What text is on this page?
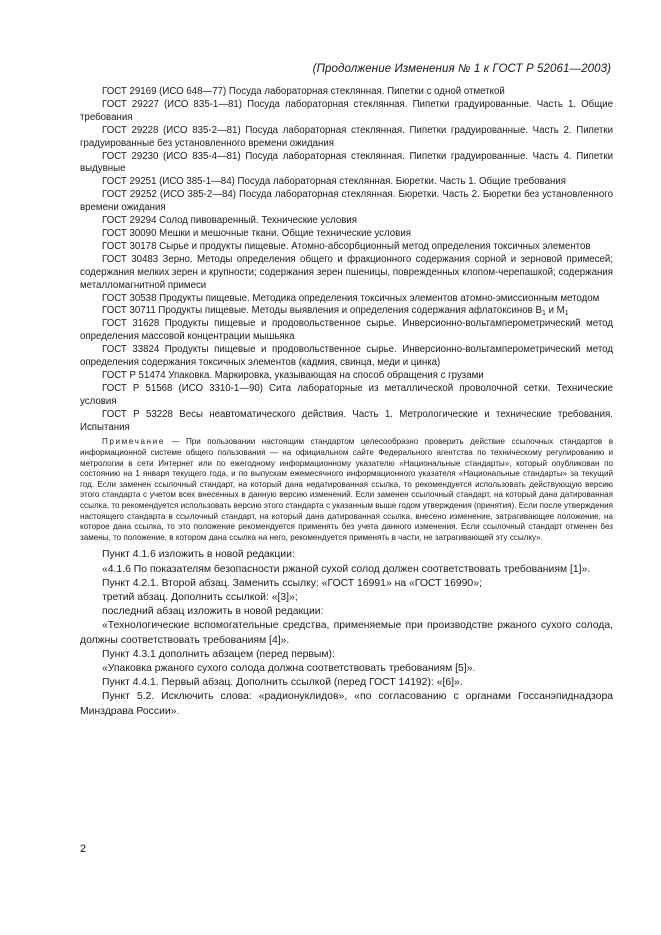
(Продолжение Изменения № 1 к ГОСТ Р 52061—2003)

ГОСТ 29169 (ИСО 648—77) Посуда лабораторная стеклянная. Пипетки с одной отметкой

ГОСТ 29227 (ИСО 835-1—81) Посуда лабораторная стеклянная. Пипетки градуированные. Часть 1. Общие требования

ГОСТ 29228 (ИСО 835-2—81) Посуда лабораторная стеклянная. Пипетки градуированные. Часть 2. Пипетки градуированные без установленного времени ожидания

ГОСТ 29230 (ИСО 835-4—81) Посуда лабораторная стеклянная. Пипетки градуированные. Часть 4. Пипетки выдувные

ГОСТ 29251 (ИСО 385-1—84) Посуда лабораторная стеклянная. Бюретки. Часть 1. Общие требования

ГОСТ 29252 (ИСО 385-2—84) Посуда лабораторная стеклянная. Бюретки. Часть 2. Бюретки без установленного времени ожидания

ГОСТ 29294 Солод пивоваренный. Технические условия

ГОСТ 30090 Мешки и мешочные ткани. Общие технические условия

ГОСТ 30178 Сырье и продукты пищевые. Атомно-абсорбционный метод определения токсичных элементов

ГОСТ 30483 Зерно. Методы определения общего и фракционного содержания сорной и зерновой примесей; содержания мелких зерен и крупности; содержания зерен пшеницы, поврежденных клопом-черепашкой; содержания металломагнитной примеси

ГОСТ 30538 Продукты пищевые. Методика определения токсичных элементов атомно-эмиссионным методом

ГОСТ 30711 Продукты пищевые. Методы выявления и определения содержания афлатоксинов $В_1$ и $М_1$

ГОСТ 31628 Продукты пищевые и продовольственное сырье. Инверсионно-вольтамперометрический метод определения массовой концентрации мышьяка

ГОСТ 33824 Продукты пищевые и продовольственное сырье. Инверсионно-вольтамперометрический метод определения содержания токсичных элементов (кадмия, свинца, меди и цинка)

ГОСТ Р 51474 Упаковка. Маркировка, указывающая на способ обращения с грузами

ГОСТ Р 51568 (ИСО 3310-1—90) Сита лабораторные из металлической проволочной сетки. Технические условия

ГОСТ Р 53228 Весы неавтоматического действия. Часть 1. Метрологические и технические требования. Испытания

Примечание — При пользовании настоящим стандартом целесообразно проверить действие ссылочных стандартов в информационной системе общего пользования — на официальном сайте Федерального агентства по техническому регулированию и метрологии в сети Интернет или по ежегодному информационному указателю «Национальные стандарты», который опубликован по состоянию на 1 января текущего года, и по выпускам ежемесячного информационного указателя «Национальные стандарты» за текущий год. Если заменен ссылочный стандарт, на который дана недатированная ссылка, то рекомендуется использовать действующую версию этого стандарта с учетом всех внесенных в данную версию изменений. Если заменен ссылочный стандарт, на который дана датированная ссылка, то рекомендуется использовать версию этого стандарта с указанным выше годом утверждения (принятия). Если после утверждения настоящего стандарта в ссылочный стандарт, на который дана датированная ссылка, внесено изменение, затрагивающее положение, на которое дана ссылка, то это положение рекомендуется применять без учета данного изменения. Если ссылочный стандарт отменен без замены, то положение, в котором дана ссылка на него, рекомендуется применять в части, не затрагивающей эту ссылку».

Пункт 4.1.6 изложить в новой редакции:

«4.1.6 По показателям безопасности ржаной сухой солод должен соответствовать требованиям [1]».

Пункт 4.2.1. Второй абзац. Заменить ссылку: «ГОСТ 16991» на «ГОСТ 16990»;

третий абзац. Дополнить ссылкой: «[3]»;

последний абзац изложить в новой редакции:

«Технологические вспомогательные средства, применяемые при производстве ржаного сухого солода, должны соответствовать требованиям [4]».

Пункт 4.3.1 дополнить абзацем (перед первым):

«Упаковка ржаного сухого солода должна соответствовать требованиям [5]».

Пункт 4.4.1. Первый абзац. Дополнить ссылкой (перед ГОСТ 14192): «[6]».

Пункт 5.2. Исключить слова: «радионуклидов», «по согласованию с органами Госсанэпиднадзора Минздрава России».

2
